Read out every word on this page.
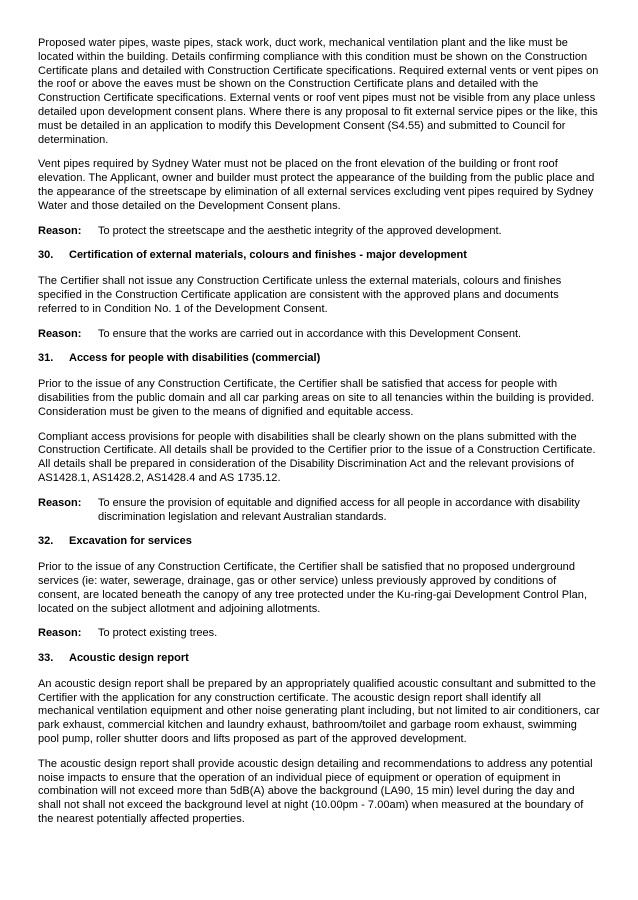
Proposed water pipes, waste pipes, stack work, duct work, mechanical ventilation plant and the like must be located within the building. Details confirming compliance with this condition must be shown on the Construction Certificate plans and detailed with Construction Certificate specifications. Required external vents or vent pipes on the roof or above the eaves must be shown on the Construction Certificate plans and detailed with the Construction Certificate specifications. External vents or roof vent pipes must not be visible from any place unless detailed upon development consent plans. Where there is any proposal to fit external service pipes or the like, this must be detailed in an application to modify this Development Consent (S4.55) and submitted to Council for determination.

Vent pipes required by Sydney Water must not be placed on the front elevation of the building or front roof elevation. The Applicant, owner and builder must protect the appearance of the building from the public place and the appearance of the streetscape by elimination of all external services excluding vent pipes required by Sydney Water and those detailed on the Development Consent plans.

Reason:	To protect the streetscape and the aesthetic integrity of the approved development.
30.	Certification of external materials, colours and finishes - major development

The Certifier shall not issue any Construction Certificate unless the external materials, colours and finishes specified in the Construction Certificate application are consistent with the approved plans and documents referred to in Condition No. 1 of the Development Consent.

Reason:	To ensure that the works are carried out in accordance with this Development Consent.
31.	Access for people with disabilities (commercial)

Prior to the issue of any Construction Certificate, the Certifier shall be satisfied that access for people with disabilities from the public domain and all car parking areas on site to all tenancies within the building is provided. Consideration must be given to the means of dignified and equitable access.

Compliant access provisions for people with disabilities shall be clearly shown on the plans submitted with the Construction Certificate. All details shall be provided to the Certifier prior to the issue of a Construction Certificate. All details shall be prepared in consideration of the Disability Discrimination Act and the relevant provisions of AS1428.1, AS1428.2, AS1428.4 and AS 1735.12.

Reason:	To ensure the provision of equitable and dignified access for all people in accordance with disability discrimination legislation and relevant Australian standards.
32.	Excavation for services

Prior to the issue of any Construction Certificate, the Certifier shall be satisfied that no proposed underground services (ie: water, sewerage, drainage, gas or other service) unless previously approved by conditions of consent, are located beneath the canopy of any tree protected under the Ku-ring-gai Development Control Plan, located on the subject allotment and adjoining allotments.

Reason:	To protect existing trees.
33.	Acoustic design report

An acoustic design report shall be prepared by an appropriately qualified acoustic consultant and submitted to the Certifier with the application for any construction certificate. The acoustic design report shall identify all mechanical ventilation equipment and other noise generating plant including, but not limited to air conditioners, car park exhaust, commercial kitchen and laundry exhaust, bathroom/toilet and garbage room exhaust, swimming pool pump, roller shutter doors and lifts proposed as part of the approved development.

The acoustic design report shall provide acoustic design detailing and recommendations to address any potential noise impacts to ensure that the operation of an individual piece of equipment or operation of equipment in combination will not exceed more than 5dB(A) above the background (LA90, 15 min) level during the day and shall not shall not exceed the background level at night (10.00pm - 7.00am) when measured at the boundary of the nearest potentially affected properties.
